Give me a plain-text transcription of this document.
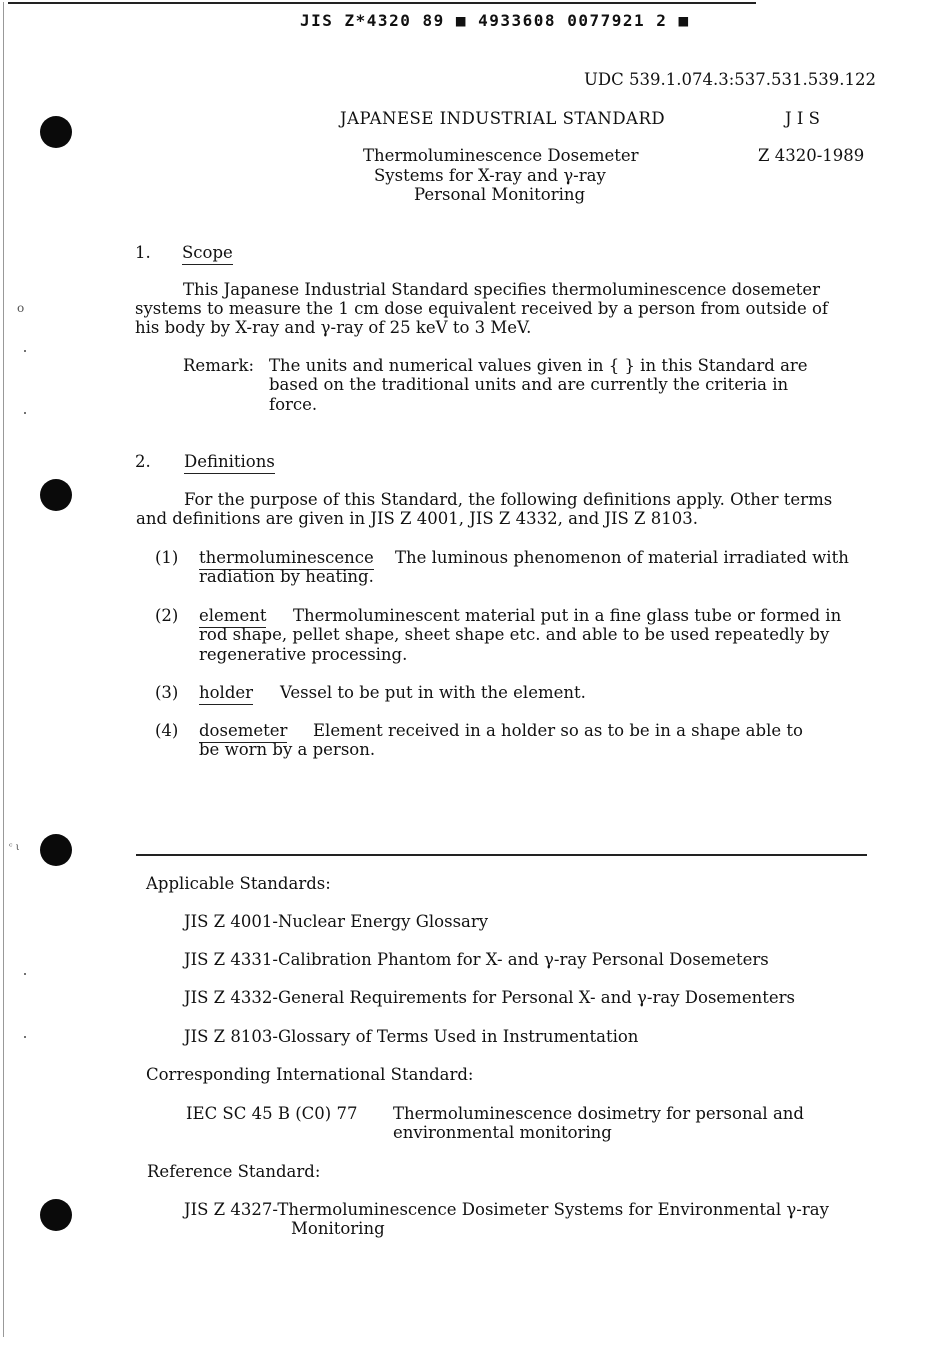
JIS Z*4320 89 ■ 4933608 0077921 2 ■
o
ᶜ ι
UDC 539.1.074.3:537.531.539.122
JAPANESE INDUSTRIAL STANDARD	J I S
Z 4320-1989
Thermoluminescence Dosemeter
Systems for X-ray and γ-ray
Personal Monitoring
1. Scope
This Japanese Industrial Standard specifies thermoluminescence dosemeter
systems to measure the 1 cm dose equivalent received by a person from outside of
his body by X-ray and γ-ray of 25 keV to 3 MeV.
Remark: The units and numerical values given in { } in this Standard are
based on the traditional units and are currently the criteria in
force.
2. Definitions
For the purpose of this Standard, the following definitions apply. Other terms
and definitions are given in JIS Z 4001, JIS Z 4332, and JIS Z 8103.
(1) thermoluminescence The luminous phenomenon of material irradiated with
radiation by heating.
(2) element Thermoluminescent material put in a fine glass tube or formed in
rod shape, pellet shape, sheet shape etc. and able to be used repeatedly by
regenerative processing.
(3) holder Vessel to be put in with the element.
(4) dosemeter Element received in a holder so as to be in a shape able to
be worn by a person.
Applicable Standards:
JIS Z 4001-Nuclear Energy Glossary
JIS Z 4331-Calibration Phantom for X- and γ-ray Personal Dosemeters
JIS Z 4332-General Requirements for Personal X- and γ-ray Dosementers
JIS Z 8103-Glossary of Terms Used in Instrumentation
Corresponding International Standard:
IEC SC 45 B (C0) 77 Thermoluminescence dosimetry for personal and
environmental monitoring
Reference Standard:
JIS Z 4327-Thermoluminescence Dosimeter Systems for Environmental γ-ray
Monitoring
